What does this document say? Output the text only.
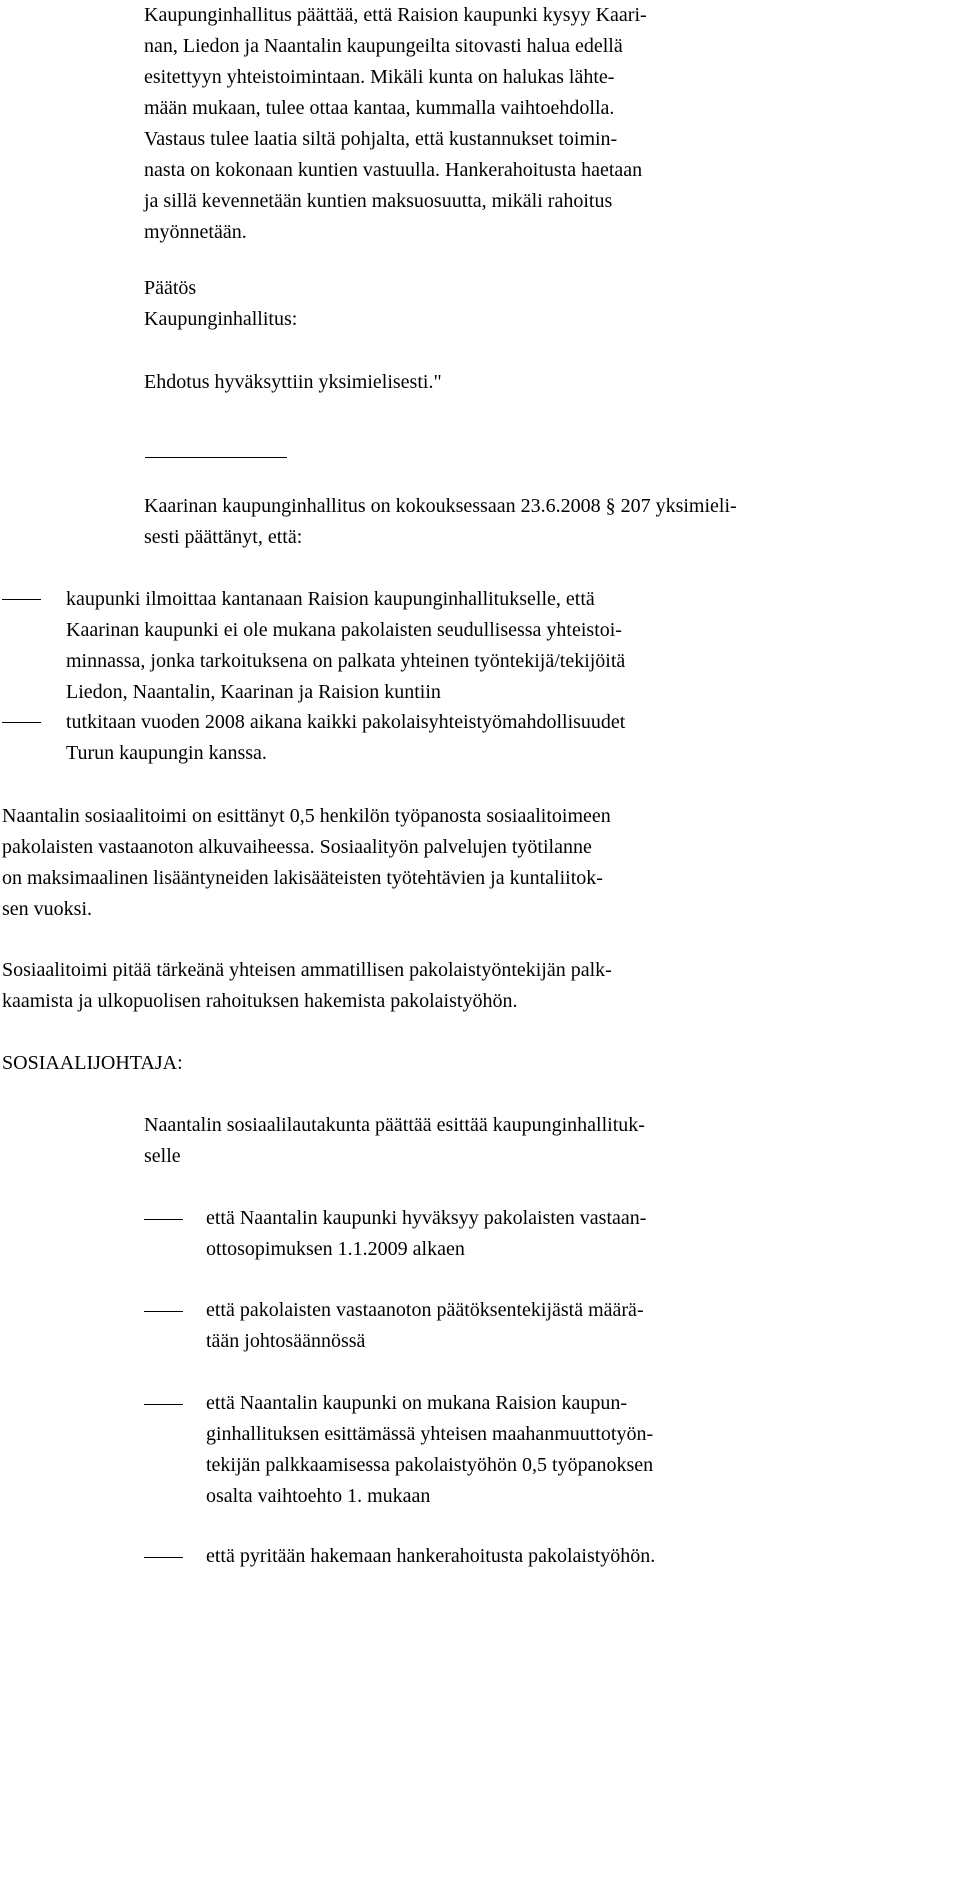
Kaupunginhallitus päättää, että Raision kaupunki kysyy Kaari-
nan, Liedon ja Naantalin kaupungeilta sitovasti halua edellä
esitettyyn yhteistoimintaan. Mikäli kunta on halukas lähte-
mään mukaan, tulee ottaa kantaa, kummalla vaihtoehdolla.
Vastaus tulee laatia siltä pohjalta, että kustannukset toimin-
nasta on kokonaan kuntien vastuulla. Hankerahoitusta haetaan
ja sillä kevennetään kuntien maksuosuutta, mikäli rahoitus
myönnetään.
Päätös
Kaupunginhallitus:
Ehdotus hyväksyttiin yksimielisesti."
Kaarinan kaupunginhallitus on kokouksessaan 23.6.2008 § 207 yksimieli-
sesti päättänyt, että:
kaupunki ilmoittaa kantanaan Raision kaupunginhallitukselle, että
Kaarinan kaupunki ei ole mukana pakolaisten seudullisessa yhteistoi-
minnassa, jonka tarkoituksena on palkata yhteinen työntekijä/tekijöitä
Liedon, Naantalin, Kaarinan ja Raision kuntiin
tutkitaan vuoden 2008 aikana kaikki pakolaisyhteistyömahdollisuudet
Turun kaupungin kanssa.
Naantalin sosiaalitoimi on esittänyt 0,5 henkilön työpanosta sosiaalitoimeen
pakolaisten vastaanoton alkuvaiheessa. Sosiaalityön palvelujen työtilanne
on maksimaalinen lisääntyneiden lakisääteisten työtehtävien ja kuntaliitok-
sen vuoksi.
Sosiaalitoimi pitää tärkeänä yhteisen ammatillisen pakolaistyöntekijän palk-
kaamista ja ulkopuolisen rahoituksen hakemista pakolaistyöhön.
SOSIAALIJOHTAJA:
Naantalin sosiaalilautakunta päättää esittää kaupunginhallituk-
selle
että Naantalin kaupunki hyväksyy pakolaisten vastaan-
ottosopimuksen 1.1.2009 alkaen
että pakolaisten vastaanoton päätöksentekijästä määrä-
tään johtosäännössä
että Naantalin kaupunki on mukana Raision kaupun-
ginhallituksen esittämässä yhteisen maahanmuuttotyön-
tekijän palkkaamisessa pakolaistyöhön 0,5 työpanoksen
osalta vaihtoehto 1. mukaan
että pyritään hakemaan hankerahoitusta pakolaistyöhön.
